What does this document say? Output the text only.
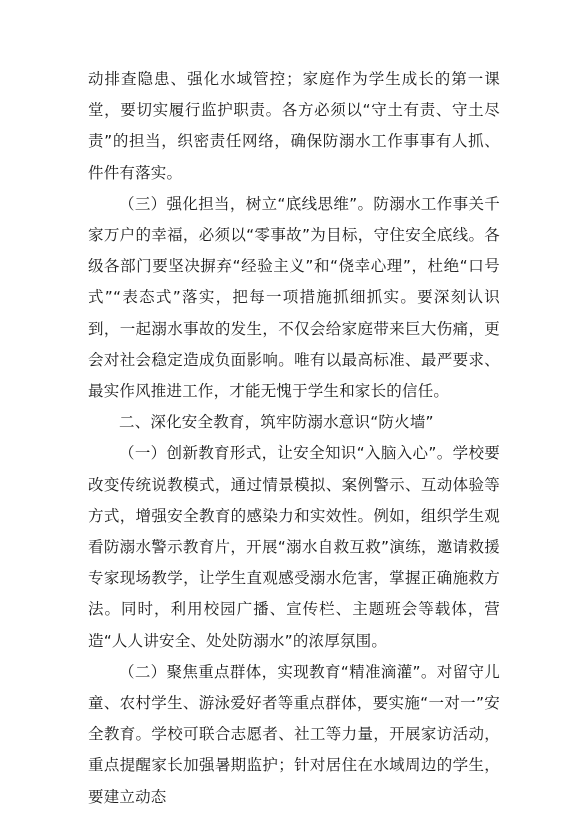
动排查隐患、强化水域管控；家庭作为学生成长的第一课堂，要切实履行监护职责。各方必须以“守土有责、守土尽责”的担当，织密责任网络，确保防溺水工作事事有人抓、件件有落实。

（三）强化担当，树立“底线思维”。防溺水工作事关千家万户的幸福，必须以“零事故”为目标，守住安全底线。各级各部门要坚决摒弃“经验主义”和“侥幸心理”，杜绝“口号式”“表态式”落实，把每一项措施抓细抓实。要深刻认识到，一起溺水事故的发生，不仅会给家庭带来巨大伤痛，更会对社会稳定造成负面影响。唯有以最高标准、最严要求、最实作风推进工作，才能无愧于学生和家长的信任。

二、深化安全教育，筑牢防溺水意识“防火墙”

（一）创新教育形式，让安全知识“入脑入心”。学校要改变传统说教模式，通过情景模拟、案例警示、互动体验等方式，增强安全教育的感染力和实效性。例如，组织学生观看防溺水警示教育片，开展“溺水自救互救”演练，邀请救援专家现场教学，让学生直观感受溺水危害，掌握正确施救方法。同时，利用校园广播、宣传栏、主题班会等载体，营造“人人讲安全、处处防溺水”的浓厚氛围。

（二）聚焦重点群体，实现教育“精准滴灌”。对留守儿童、农村学生、游泳爱好者等重点群体，要实施“一对一”安全教育。学校可联合志愿者、社工等力量，开展家访活动，重点提醒家长加强暑期监护；针对居住在水域周边的学生，要建立动态
